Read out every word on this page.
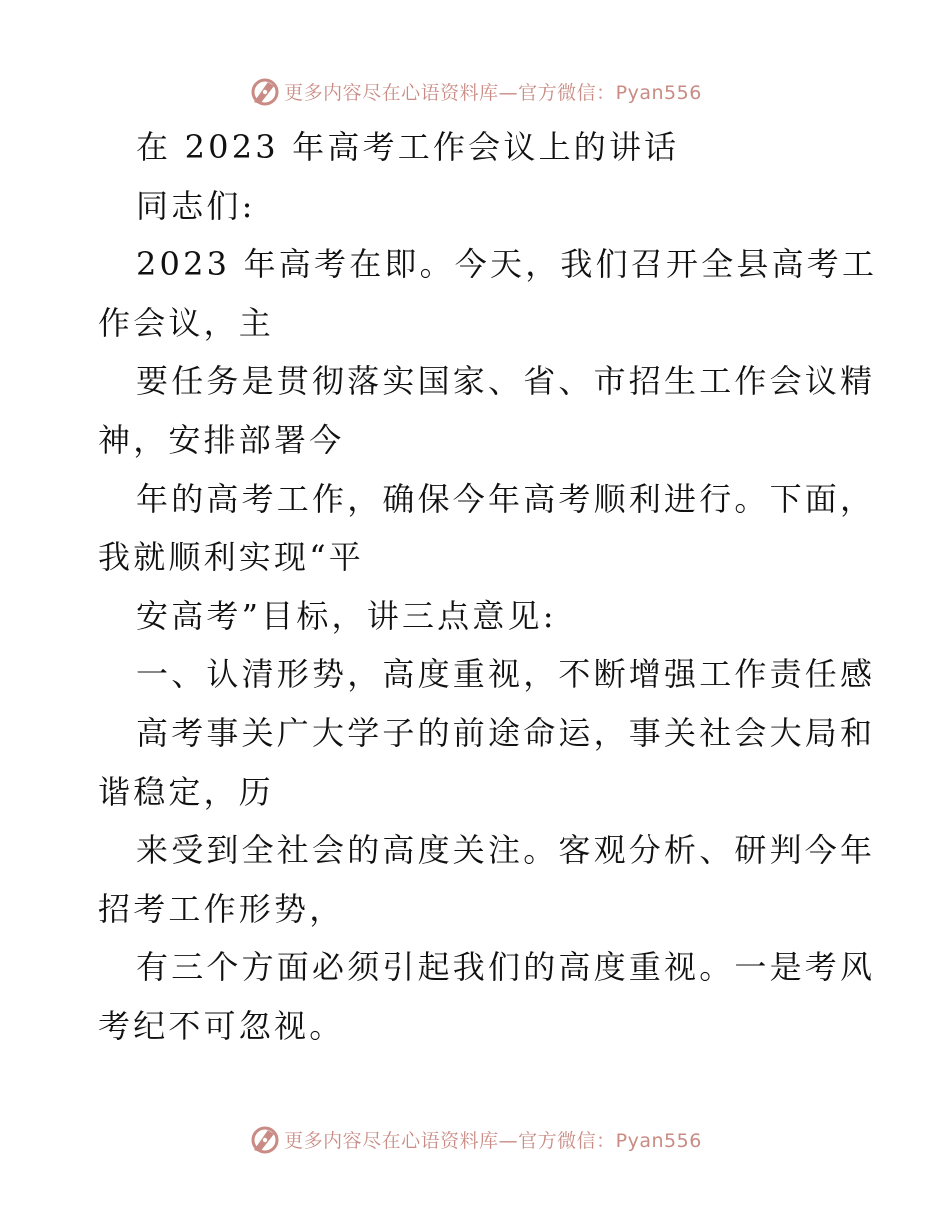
更多内容尽在心语资料库—官方微信：Pyan556
在 2023 年高考工作会议上的讲话
同志们:
2023 年高考在即。今天，我们召开全县高考工
作会议，主
要任务是贯彻落实国家、省、市招生工作会议精
神，安排部署今
年的高考工作，确保今年高考顺利进行。下面，
我就顺利实现“平
安高考”目标，讲三点意见:
一、认清形势，高度重视，不断增强工作责任感
高考事关广大学子的前途命运，事关社会大局和
谐稳定，历
来受到全社会的高度关注。客观分析、研判今年
招考工作形势，
有三个方面必须引起我们的高度重视。一是考风
考纪不可忽视。
更多内容尽在心语资料库—官方微信：Pyan556
